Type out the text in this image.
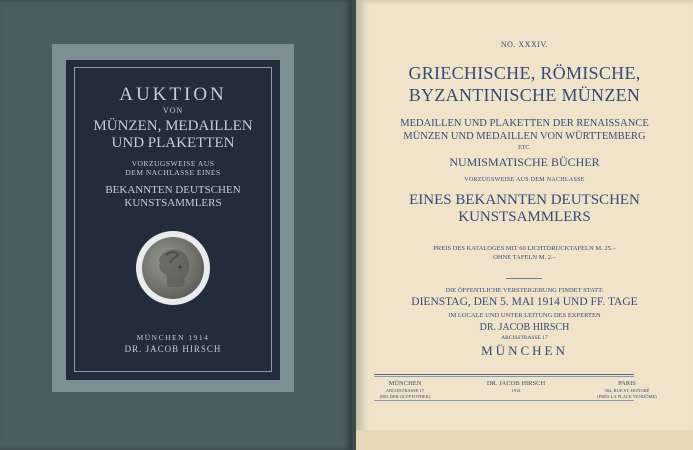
AUKTION
VON
MÜNZEN, MEDAILLEN
UND PLAKETTEN
VORZUGSWEISE AUS
DEM NACHLASSE EINES
BEKANNTEN DEUTSCHEN
KUNSTSAMMLERS
MÜNCHEN 1914
DR. JACOB HIRSCH
NO. XXXIV.
GRIECHISCHE, RÖMISCHE,
BYZANTINISCHE MÜNZEN
MEDAILLEN UND PLAKETTEN DER RENAISSANCE
MÜNZEN UND MEDAILLEN VON WÜRTTEMBERG
ETC.
NUMISMATISCHE BÜCHER
VORZUGSWEISE AUS DEM NACHLASSE
EINES BEKANNTEN DEUTSCHEN
KUNSTSAMMLERS
PREIS DES KATALOGES MIT 60 LICHTDRUCKTAFELN M. 25.–
OHNE TAFELN M. 2.–
DIE ÖFFENTLICHE VERSTEIGERUNG FINDET STATT:
DIENSTAG, DEN 5. MAI 1914 UND FF. TAGE
IM LOCALE UND UNTER LEITUNG DES EXPERTEN
DR. JACOB HIRSCH
ARCISSTRASSE 17
MÜNCHEN
MÜNCHEN
ARCISSTRASSE 17
(BEI DER GLYPTOTHEK)
DR. JACOB HIRSCH
1914
PARIS
364, RUE ST. HONORÉ
(PRÈS LA PLACE VENDÔME)
